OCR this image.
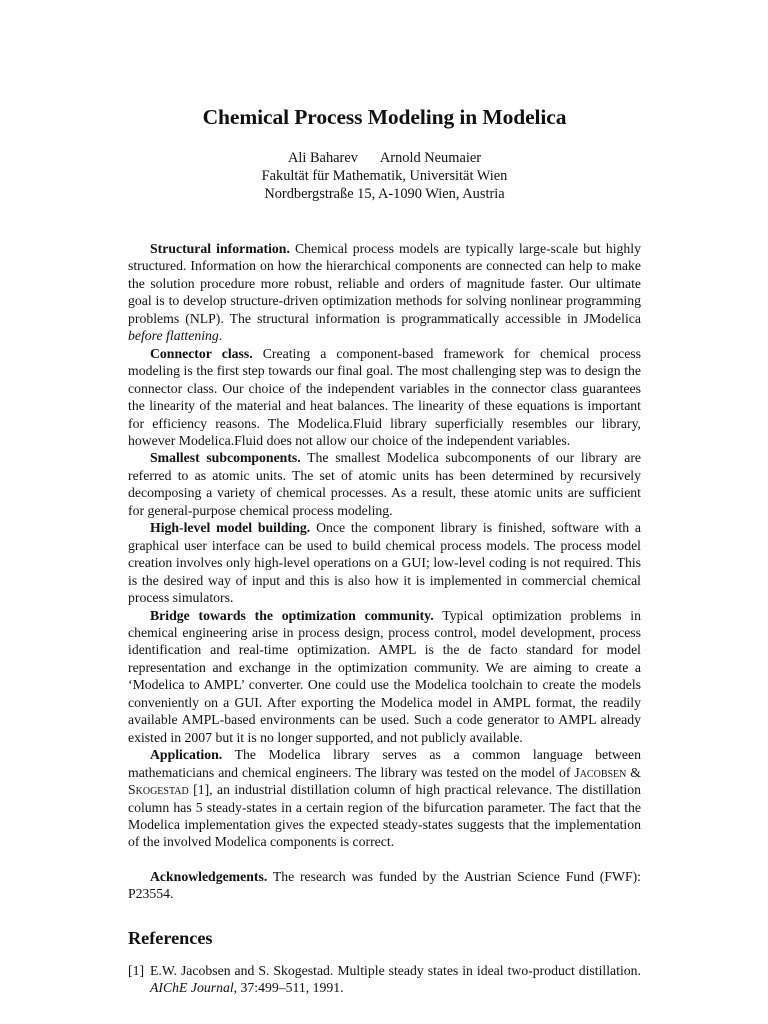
Chemical Process Modeling in Modelica
Ali Baharev Arnold Neumaier
Fakultät für Mathematik, Universität Wien
Nordbergstraße 15, A-1090 Wien, Austria

Structural information. Chemical process models are typically large-scale but highly structured. Information on how the hierarchical components are connected can help to make the solution procedure more robust, reliable and orders of magnitude faster. Our ultimate goal is to develop structure-driven optimization methods for solving nonlinear programming problems (NLP). The structural information is programmatically accessible in JModelica before flattening.

Connector class. Creating a component-based framework for chemical process modeling is the first step towards our final goal. The most challenging step was to design the connector class. Our choice of the independent variables in the connector class guarantees the linearity of the material and heat balances. The linearity of these equations is important for efficiency reasons. The Modelica.Fluid library superficially resembles our library, however Modelica.Fluid does not allow our choice of the independent variables.

Smallest subcomponents. The smallest Modelica subcomponents of our library are referred to as atomic units. The set of atomic units has been determined by recursively decomposing a variety of chemical processes. As a result, these atomic units are sufficient for general-purpose chemical process modeling.

High-level model building. Once the component library is finished, software with a graphical user interface can be used to build chemical process models. The process model creation involves only high-level operations on a GUI; low-level coding is not required. This is the desired way of input and this is also how it is implemented in commercial chemical process simulators.

Bridge towards the optimization community. Typical optimization problems in chemical engineering arise in process design, process control, model development, process identification and real-time optimization. AMPL is the de facto standard for model representation and exchange in the optimization community. We are aiming to create a ‘Modelica to AMPL’ converter. One could use the Modelica toolchain to create the models conveniently on a GUI. After exporting the Modelica model in AMPL format, the readily available AMPL-based environments can be used. Such a code generator to AMPL already existed in 2007 but it is no longer supported, and not publicly available.

Application. The Modelica library serves as a common language between mathematicians and chemical engineers. The library was tested on the model of Jacobsen & Skogestad [1], an industrial distillation column of high practical relevance. The distillation column has 5 steady-states in a certain region of the bifurcation parameter. The fact that the Modelica implementation gives the expected steady-states suggests that the implementation of the involved Modelica components is correct.

Acknowledgements. The research was funded by the Austrian Science Fund (FWF): P23554.

References
[1] E.W. Jacobsen and S. Skogestad. Multiple steady states in ideal two-product distillation. AIChE Journal, 37:499–511, 1991.
